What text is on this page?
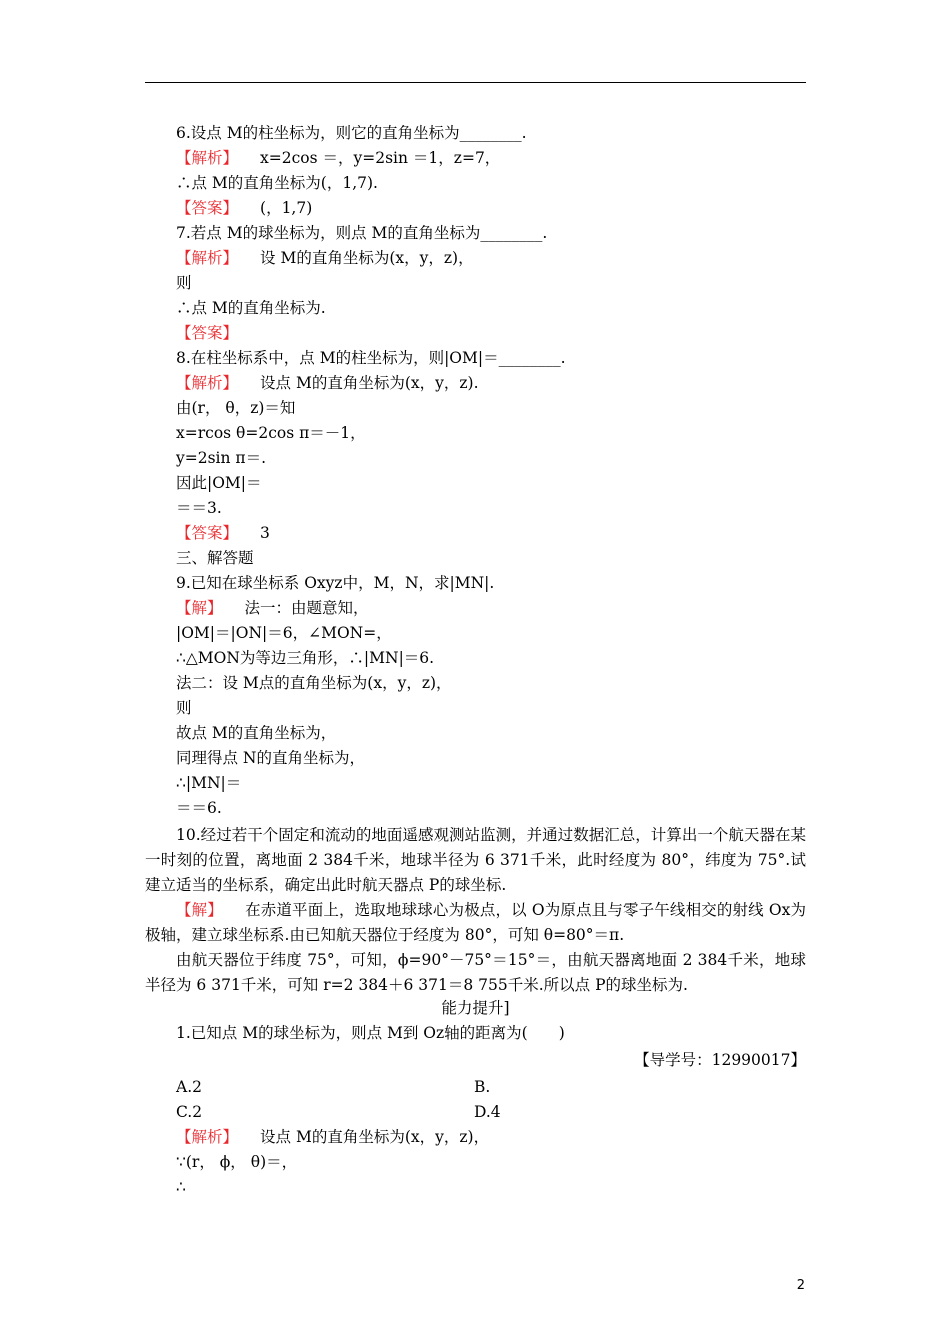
6.设点 M的柱坐标为，则它的直角坐标为________.
【解析】 x=2cos ＝，y=2sin ＝1，z=7，
∴点 M的直角坐标为(，1,7).
【答案】 (，1,7)
7.若点 M的球坐标为，则点 M的直角坐标为________.
【解析】 设 M的直角坐标为(x，y，z)，
则
∴点 M的直角坐标为.
【答案】
8.在柱坐标系中，点 M的柱坐标为，则|OM|＝________.
【解析】 设点 M的直角坐标为(x，y，z).
由(r， θ，z)＝知
x=rcos θ=2cos π＝－1，
y=2sin π＝.
因此|OM|＝
＝＝3.
【答案】 3
三、解答题
9.已知在球坐标系 Oxyz中，M，N，求|MN|.
【解】 法一：由题意知，
|OM|＝|ON|＝6，∠MON=，
∴△MON为等边三角形，∴|MN|＝6.
法二：设 M点的直角坐标为(x，y，z)，
则
故点 M的直角坐标为，
同理得点 N的直角坐标为，
∴|MN|＝
＝＝6.
10.经过若干个固定和流动的地面遥感观测站监测，并通过数据汇总，计算出一个航天器在某一时刻的位置，离地面 2 384千米，地球半径为 6 371千米，此时经度为 80°，纬度为 75°.试建立适当的坐标系，确定出此时航天器点 P的球坐标.
【解】 在赤道平面上，选取地球球心为极点，以 O为原点且与零子午线相交的射线 Ox为极轴，建立球坐标系.由已知航天器位于经度为 80°，可知 θ=80°＝π.
由航天器位于纬度 75°，可知，ϕ=90°－75°＝15°＝，由航天器离地面 2 384千米，地球半径为 6 371千米，可知 r=2 384＋6 371＝8 755千米.所以点 P的球坐标为.
能力提升]
1.已知点 M的球坐标为，则点 M到 Oz轴的距离为(　　)
【导学号：12990017】
A.2	B.
C.2	D.4
【解析】 设点 M的直角坐标为(x，y，z)，
∵(r， ϕ， θ)＝，
∴
2
